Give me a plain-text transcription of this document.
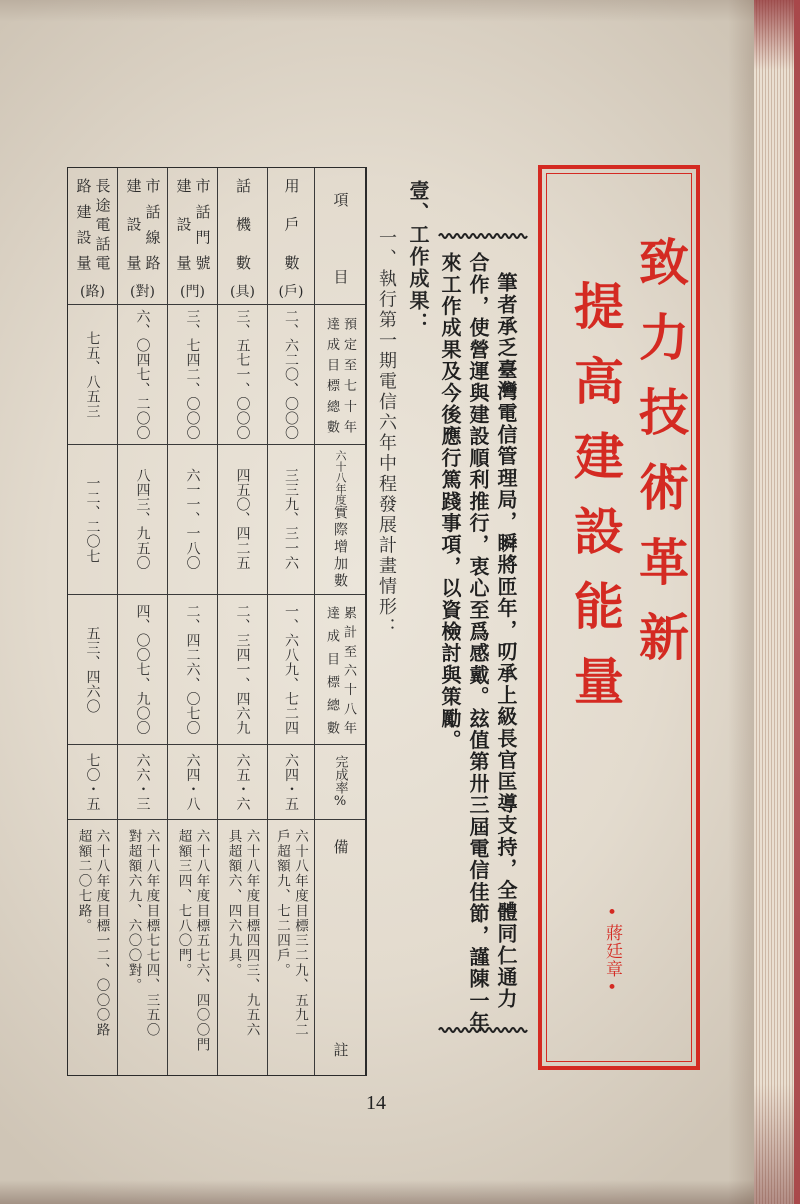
致力技術革新
提高建設能量
•蔣廷章•
筆者承乏臺灣電信管理局，瞬將匝年，叨承上級長官匡導支持，全體同仁通力
合作，使營運與建設順利推行，衷心至爲感戴。玆值第卅三屆電信佳節，謹陳一年
來工作成果及今後應行篤踐事項，以資檢討與策勵。
壹、工作成果：
一、執行第一期電信六年中程發展計畫情形：
項目
預定至七十年
達成目標總數
六十八年度實際增加數
累計至六十八年
達成目標總數
完成率%
備註
用戶數
(戶)
二、六二〇、〇〇〇
三三九、三一六
一、六八九、七二四
六四・五
六十八年度目標三二九、五九二
戶超額九、七二四戶。
話機數
(具)
三、五七一、〇〇〇
四五〇、四二五
二、三四一、四六九
六五・六
六十八年度目標四四三、九五六
具超額六、四六九具。
市話門號
建設量
(門)
三、七四二、〇〇〇
六一一、一八〇
二、四二六、〇七〇
六四・八
六十八年度目標五七六、四〇〇門
超額三四、七八〇門。
市話線路
建設量
(對)
六、〇四七、二〇〇
八四三、九五〇
四、〇〇七、九〇〇
六六・三
六十八年度目標七七四、三五〇
對超額六九、六〇〇對。
長途電話電
路建設量
(路)
七五、八五三
一二、二〇七
五三、四六〇
七〇・五
六十八年度目標一二、〇〇〇路
超額二〇七路。
14
